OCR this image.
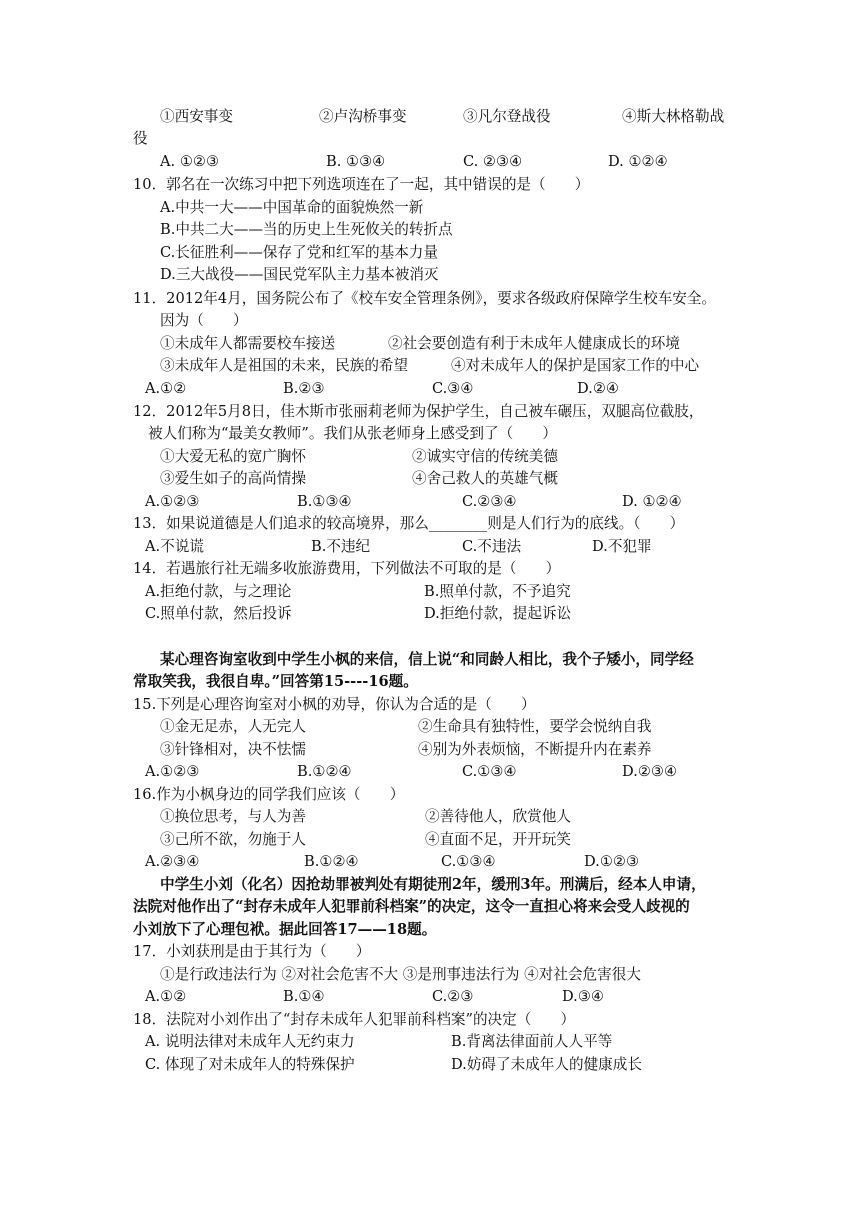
①西安事变	②卢沟桥事变	③凡尔登战役	④斯大林格勒战
役
A. ①②③	B. ①③④	C. ②③④	D. ①②④
10．郭名在一次练习中把下列选项连在了一起，其中错误的是（　　）
A.中共一大——中国革命的面貌焕然一新
B.中共二大——当的历史上生死攸关的转折点
C.长征胜利——保存了党和红军的基本力量
D.三大战役——国民党军队主力基本被消灭
11．2012年4月，国务院公布了《校车安全管理条例》，要求各级政府保障学生校车安全。
因为（　　）
①未成年人都需要校车接送	②社会要创造有利于未成年人健康成长的环境
③未成年人是祖国的未来，民族的希望	④对未成年人的保护是国家工作的中心
A.①②	B.②③	C.③④	D.②④
12．2012年5月8日，佳木斯市张丽莉老师为保护学生，自己被车碾压，双腿高位截肢，
被人们称为“最美女教师”。我们从张老师身上感受到了（　　）
①大爱无私的宽广胸怀	②诚实守信的传统美德
③爱生如子的高尚情操	④舍己救人的英雄气概
A.①②③	B.①③④	C.②③④	D. ①②④
13．如果说道德是人们追求的较高境界，那么________则是人们行为的底线。（　　）
A.不说谎	B.不违纪	C.不违法	D.不犯罪
14．若遇旅行社无端多收旅游费用，下列做法不可取的是（　　）
A.拒绝付款，与之理论	B.照单付款，不予追究
C.照单付款，然后投诉	D.拒绝付款，提起诉讼
某心理咨询室收到中学生小枫的来信，信上说“和同龄人相比，我个子矮小，同学经
常取笑我，我很自卑。”回答第15----16题。
15.下列是心理咨询室对小枫的劝导，你认为合适的是（　　）
①金无足赤，人无完人	②生命具有独特性，要学会悦纳自我
③针锋相对，决不怯懦	④别为外表烦恼，不断提升内在素养
A.①②③	B.①②④	C.①③④	D.②③④
16.作为小枫身边的同学我们应该（　　）
①换位思考，与人为善	②善待他人，欣赏他人
③己所不欲，勿施于人	④直面不足，开开玩笑
A.②③④	B.①②④	C.①③④	D.①②③
中学生小刘（化名）因抢劫罪被判处有期徒刑2年，缓刑3年。刑满后，经本人申请，
法院对他作出了“封存未成年人犯罪前科档案”的决定，这令一直担心将来会受人歧视的
小刘放下了心理包袱。据此回答17——18题。
17．小刘获刑是由于其行为（　　）
①是行政违法行为 ②对社会危害不大 ③是刑事违法行为 ④对社会危害很大
A.①②	B.①④	C.②③	D.③④
18．法院对小刘作出了“封存未成年人犯罪前科档案”的决定（　　）
A. 说明法律对未成年人无约束力	B.背离法律面前人人平等
C. 体现了对未成年人的特殊保护	D.妨碍了未成年人的健康成长
